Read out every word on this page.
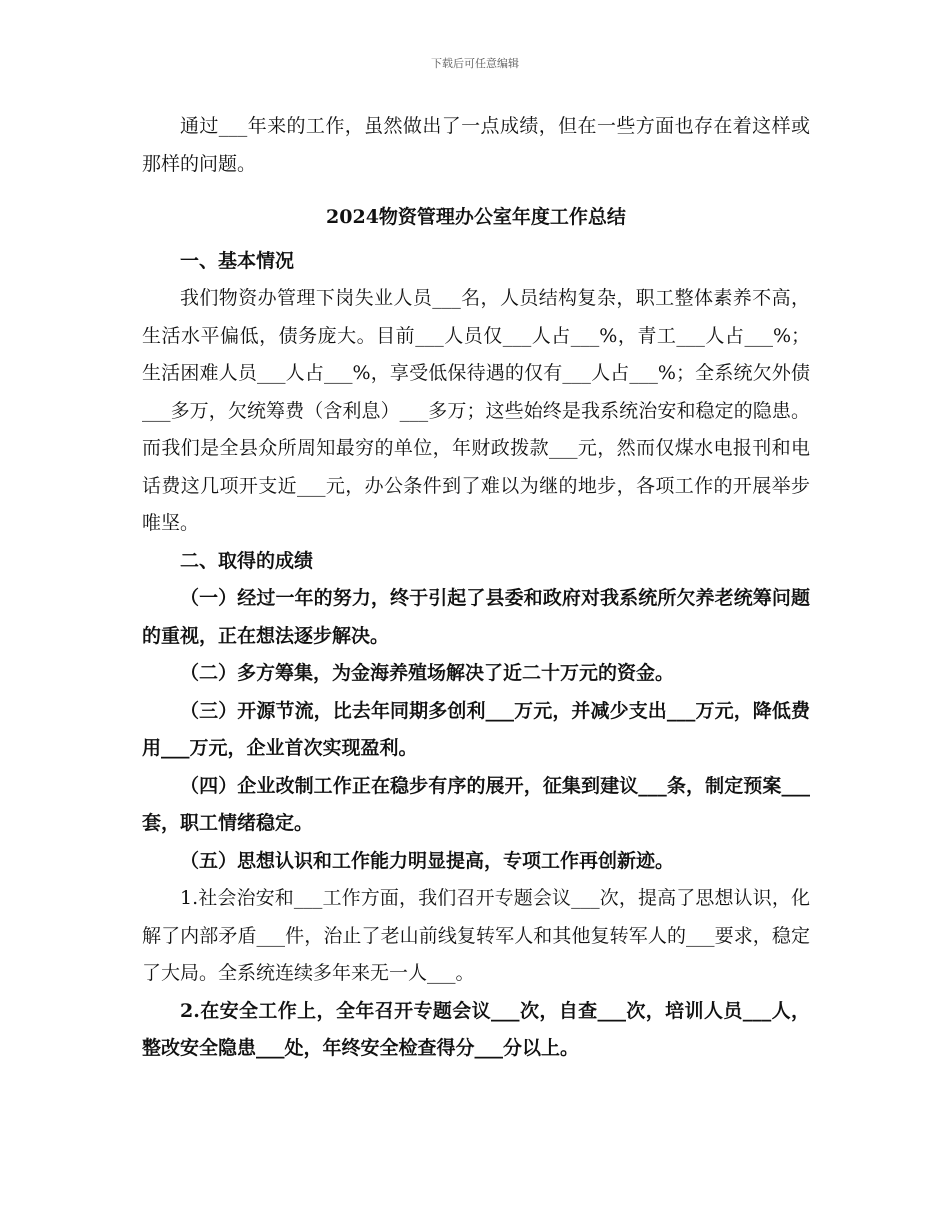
下载后可任意编辑

通过___年来的工作，虽然做出了一点成绩，但在一些方面也存在着这样或那样的问题。

2024物资管理办公室年度工作总结

一、基本情况

我们物资办管理下岗失业人员___名，人员结构复杂，职工整体素养不高，生活水平偏低，债务庞大。目前___人员仅___人占___%，青工___人占___%；生活困难人员___人占___%，享受低保待遇的仅有___人占___%；全系统欠外债___多万，欠统筹费（含利息）___多万；这些始终是我系统治安和稳定的隐患。而我们是全县众所周知最穷的单位，年财政拨款___元，然而仅煤水电报刊和电话费这几项开支近___元，办公条件到了难以为继的地步，各项工作的开展举步唯坚。

二、取得的成绩

（一）经过一年的努力，终于引起了县委和政府对我系统所欠养老统筹问题的重视，正在想法逐步解决。

（二）多方筹集，为金海养殖场解决了近二十万元的资金。

（三）开源节流，比去年同期多创利___万元，并减少支出___万元，降低费用___万元，企业首次实现盈利。

（四）企业改制工作正在稳步有序的展开，征集到建议___条，制定预案___套，职工情绪稳定。

（五）思想认识和工作能力明显提高，专项工作再创新迹。

1.社会治安和___工作方面，我们召开专题会议___次，提高了思想认识，化解了内部矛盾___件，治止了老山前线复转军人和其他复转军人的___要求，稳定了大局。全系统连续多年来无一人___。

2.在安全工作上，全年召开专题会议___次，自查___次，培训人员___人，整改安全隐患___处，年终安全检查得分___分以上。
